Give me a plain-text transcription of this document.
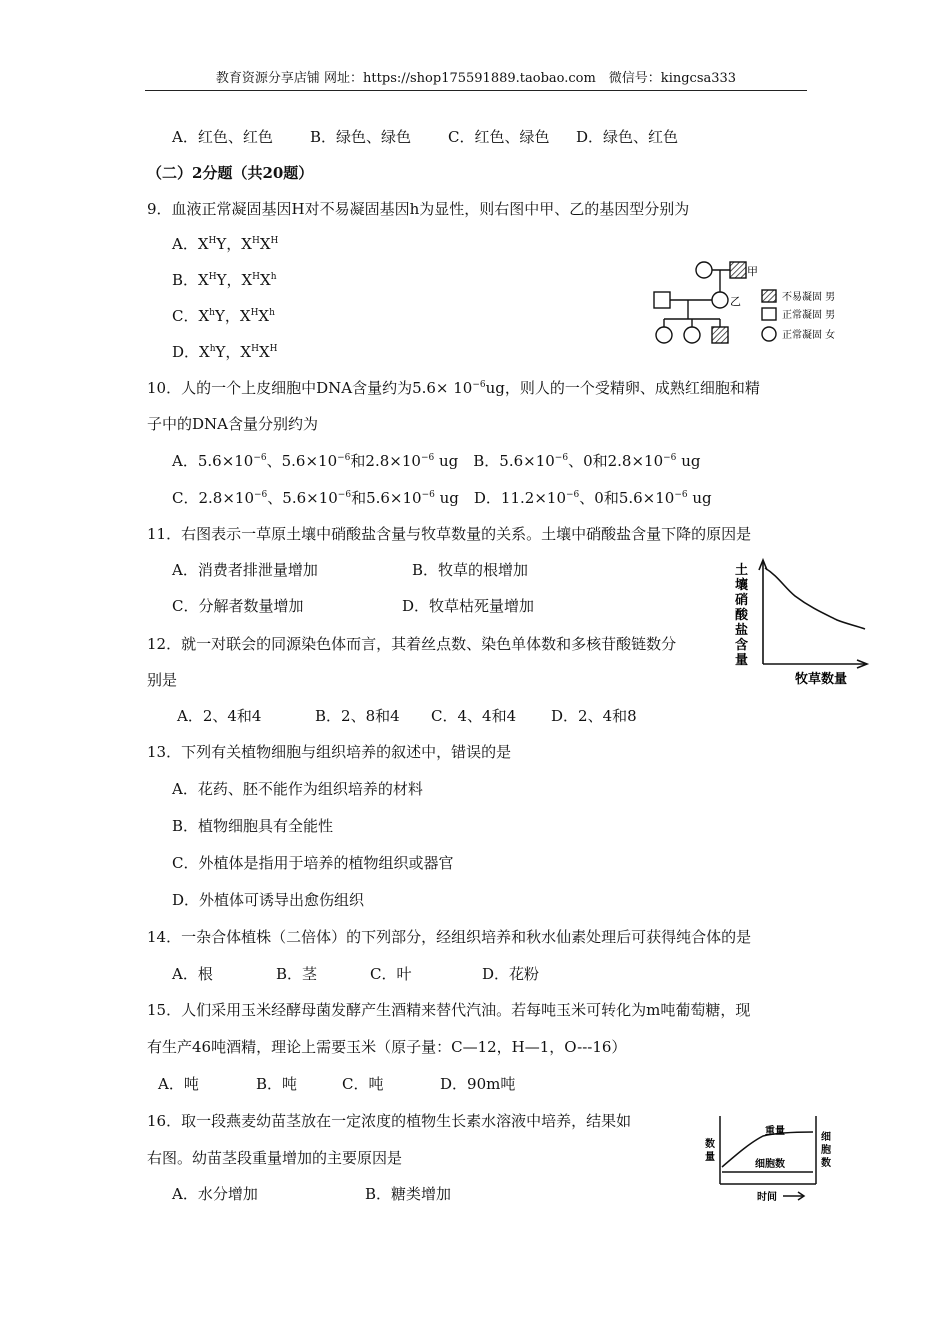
教育资源分享店铺 网址：https://shop175591889.taobao.com　微信号：kingcsa333
A．红色、红色 B．绿色、绿色 C．红色、绿色 D．绿色、红色
（二）2分题（共20题）
9．血液正常凝固基因H对不易凝固基因h为显性，则右图中甲、乙的基因型分别为
A．$X^HY$，$X^HX^H$
B．$X^HY$，$X^HX^h$
C．$X^hY$，$X^HX^h$
D．$X^hY$，$X^HX^H$
甲
乙	不易凝固 男
正常凝固 男
正常凝固 女
10．人的一个上皮细胞中DNA含量约为$5.6\times 10^{-6}ug$，则人的一个受精卵、成熟红细胞和精
子中的DNA含量分别约为
A．$5.6\times 10^{-6}$、$5.6\times 10^{-6}$和$2.8\times 10^{-6}$ ug　B．$5.6\times 10^{-6}$、0和$2.8\times 10^{-6}$ ug
C．$2.8\times 10^{-6}$、$5.6\times 10^{-6}$和$5.6\times 10^{-6}$ ug　D．$11.2\times 10^{-6}$、0和$5.6\times 10^{-6}$ ug
11．右图表示一草原土壤中硝酸盐含量与牧草数量的关系。土壤中硝酸盐含量下降的原因是
A．消费者排泄量增加	B．牧草的根增加
C．分解者数量增加	D．牧草枯死量增加
土
壤
硝
酸
盐
含
量
牧草数量
12．就一对联会的同源染色体而言，其着丝点数、染色单体数和多核苷酸链数分
别是
A．2、4和4	B．2、8和4 C．4、4和4 D．2、4和8
13．下列有关植物细胞与组织培养的叙述中，错误的是
A．花药、胚不能作为组织培养的材料
B．植物细胞具有全能性
C．外植体是指用于培养的植物组织或器官
D．外植体可诱导出愈伤组织
14．一杂合体植株（二倍体）的下列部分，经组织培养和秋水仙素处理后可获得纯合体的是
A．根	B．茎	C．叶	D．花粉
15．人们采用玉米经酵母菌发酵产生酒精来替代汽油。若每吨玉米可转化为m吨葡萄糖，现
有生产46吨酒精，理论上需要玉米（原子量：C—12，H—1，O---16）
A．吨	B．吨	C．吨	D．90m吨
16．取一段燕麦幼苗茎放在一定浓度的植物生长素水溶液中培养，结果如
右图。幼苗茎段重量增加的主要原因是
A．水分增加	B．糖类增加
数
量
重量
细胞数
细
胞
数
时间
